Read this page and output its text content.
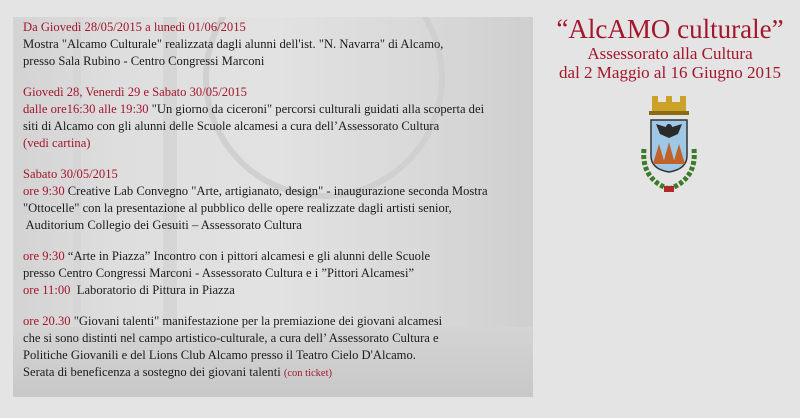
Da Giovedì 28/05/2015 a lunedì 01/06/2015
Mostra "Alcamo Culturale" realizzata dagli alunni dell'ist. "N. Navarra" di Alcamo,
presso Sala Rubino - Centro Congressi Marconi
Giovedì 28, Venerdì 29 e Sabato 30/05/2015
dalle ore16:30 alle 19:30 "Un giorno da ciceroni" percorsi culturali guidati alla scoperta dei
siti di Alcamo con gli alunni delle Scuole alcamesi a cura dell’Assessorato Cultura
(vedi cartina)
Sabato 30/05/2015
ore 9:30 Creative Lab Convegno "Arte, artigianato, design" - inaugurazione seconda Mostra
"Ottocelle" con la presentazione al pubblico delle opere realizzate dagli artisti senior,
Auditorium Collegio dei Gesuiti – Assessorato Cultura
ore 9:30 “Arte in Piazza” Incontro con i pittori alcamesi e gli alunni delle Scuole
presso Centro Congressi Marconi - Assessorato Cultura e i ”Pittori Alcamesi”
ore 11:00 Laboratorio di Pittura in Piazza
ore 20.30 "Giovani talenti" manifestazione per la premiazione dei giovani alcamesi
che si sono distinti nel campo artistico-culturale, a cura dell’ Assessorato Cultura e
Politiche Giovanili e del Lions Club Alcamo presso il Teatro Cielo D'Alcamo.
Serata di beneficenza a sostegno dei giovani talenti (con ticket)
“AlcAMO culturale”
Assessorato alla Cultura
dal 2 Maggio al 16 Giugno 2015
